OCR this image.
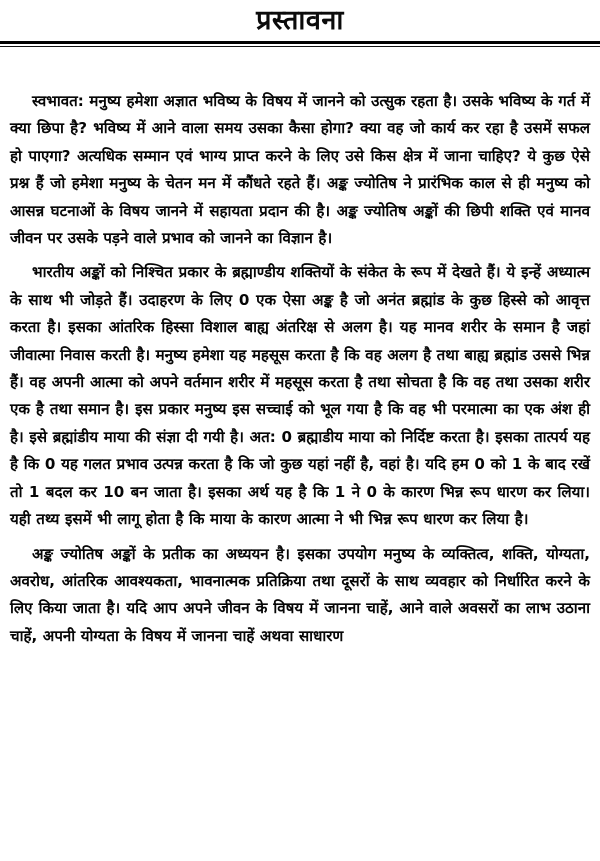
प्रस्तावना

स्वभावत: मनुष्य हमेशा अज्ञात भविष्य के विषय में जानने को उत्सुक रहता है। उसके भविष्य के गर्त में क्या छिपा है? भविष्य में आने वाला समय उसका कैसा होगा? क्या वह जो कार्य कर रहा है उसमें सफल हो पाएगा? अत्यधिक सम्मान एवं भाग्य प्राप्त करने के लिए उसे किस क्षेत्र में जाना चाहिए? ये कुछ ऐसे प्रश्न हैं जो हमेशा मनुष्य के चेतन मन में कौंधते रहते हैं। अङ्क ज्योतिष ने प्रारंभिक काल से ही मनुष्य को आसन्न घटनाओं के विषय जानने में सहायता प्रदान की है। अङ्क ज्योतिष अङ्कों की छिपी शक्ति एवं मानव जीवन पर उसके पड़ने वाले प्रभाव को जानने का विज्ञान है।

भारतीय अङ्कों को निश्चित प्रकार के ब्रह्माण्डीय शक्तियों के संकेत के रूप में देखते हैं। ये इन्हें अध्यात्म के साथ भी जोड़ते हैं। उदाहरण के लिए 0 एक ऐसा अङ्क है जो अनंत ब्रह्मांड के कुछ हिस्से को आवृत्त करता है। इसका आंतरिक हिस्सा विशाल बाह्य अंतरिक्ष से अलग है। यह मानव शरीर के समान है जहां जीवात्मा निवास करती है। मनुष्य हमेशा यह महसूस करता है कि वह अलग है तथा बाह्य ब्रह्मांड उससे भिन्न हैं। वह अपनी आत्मा को अपने वर्तमान शरीर में महसूस करता है तथा सोचता है कि वह तथा उसका शरीर एक है तथा समान है। इस प्रकार मनुष्य इस सच्चाई को भूल गया है कि वह भी परमात्मा का एक अंश ही है। इसे ब्रह्मांडीय माया की संज्ञा दी गयी है। अत: 0 ब्रह्माडीय माया को निर्दिष्ट करता है। इसका तात्पर्य यह है कि 0 यह गलत प्रभाव उत्पन्न करता है कि जो कुछ यहां नहीं है, वहां है। यदि हम 0 को 1 के बाद रखें तो 1 बदल कर 10 बन जाता है। इसका अर्थ यह है कि 1 ने 0 के कारण भिन्न रूप धारण कर लिया। यही तथ्य इसमें भी लागू होता है कि माया के कारण आत्मा ने भी भिन्न रूप धारण कर लिया है।

अङ्क ज्योतिष अङ्कों के प्रतीक का अध्ययन है। इसका उपयोग मनुष्य के व्यक्तित्व, शक्ति, योग्यता, अवरोध, आंतरिक आवश्यकता, भावनात्मक प्रतिक्रिया तथा दूसरों के साथ व्यवहार को निर्धारित करने के लिए किया जाता है। यदि आप अपने जीवन के विषय में जानना चाहें, आने वाले अवसरों का लाभ उठाना चाहें, अपनी योग्यता के विषय में जानना चाहें अथवा साधारण
